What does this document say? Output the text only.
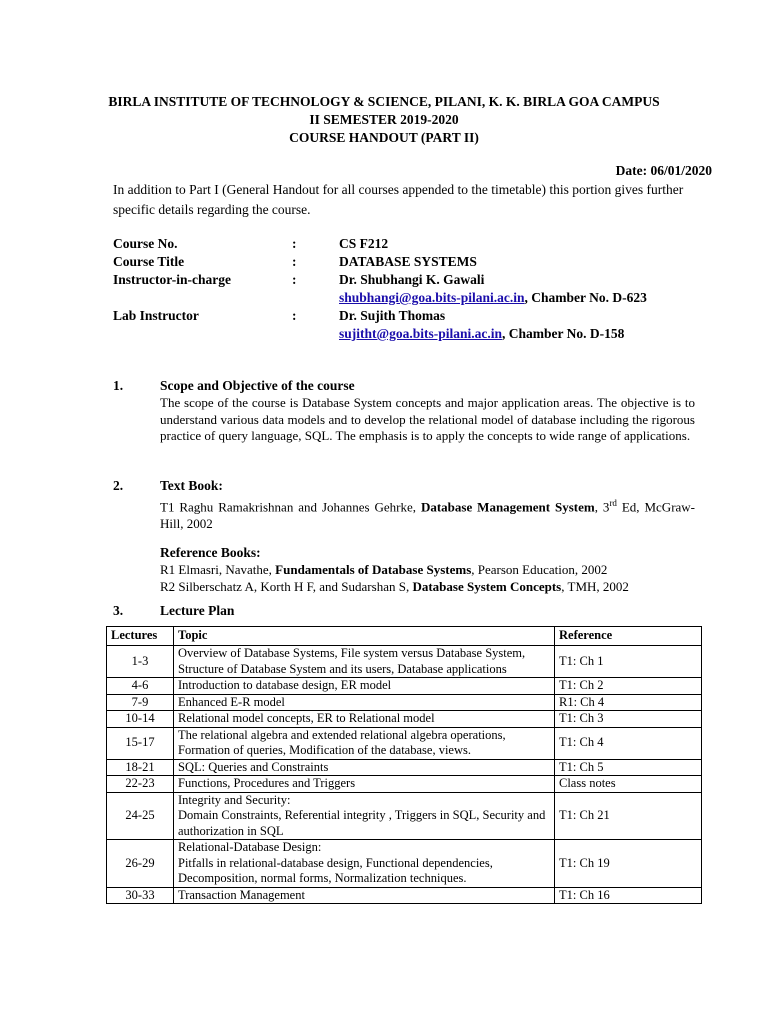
BIRLA INSTITUTE OF TECHNOLOGY & SCIENCE, PILANI, K. K. BIRLA GOA CAMPUS
II SEMESTER 2019-2020
COURSE HANDOUT (PART II)
Date: 06/01/2020
In addition to Part I (General Handout for all courses appended to the timetable) this portion gives further specific details regarding the course.
Course No.	:	CS F212
Course Title	:	DATABASE SYSTEMS
Instructor-in-charge	:	Dr. Shubhangi K. Gawali
shubhangi@goa.bits-pilani.ac.in, Chamber No. D-623
Lab Instructor	:	Dr. Sujith Thomas
sujitht@goa.bits-pilani.ac.in, Chamber No. D-158
1.	Scope and Objective of the course
The scope of the course is Database System concepts and major application areas. The objective is to understand various data models and to develop the relational model of database including the rigorous practice of query language, SQL. The emphasis is to apply the concepts to wide range of applications.
2.	Text Book:
T1 Raghu Ramakrishnan and Johannes Gehrke, Database Management System, 3rd Ed, McGraw-Hill, 2002
Reference Books:
R1 Elmasri, Navathe, Fundamentals of Database Systems, Pearson Education, 2002
R2 Silberschatz A, Korth H F, and Sudarshan S, Database System Concepts, TMH, 2002
3.	Lecture Plan
Lectures	Topic	Reference
1-3	Overview of Database Systems, File system versus Database System, Structure of Database System and its users, Database applications	T1: Ch 1
4-6	Introduction to database design, ER model	T1: Ch 2
7-9	Enhanced E-R model	R1: Ch 4
10-14	Relational model concepts, ER to Relational model	T1: Ch 3
15-17	The relational algebra and extended relational algebra operations, Formation of queries, Modification of the database, views.	T1: Ch 4
18-21	SQL: Queries and Constraints	T1: Ch 5
22-23	Functions, Procedures and Triggers	Class notes
24-25	Integrity and Security:
Domain Constraints, Referential integrity , Triggers in SQL, Security and authorization in SQL	T1: Ch 21
26-29	Relational-Database Design:
Pitfalls in relational-database design, Functional dependencies, Decomposition, normal forms, Normalization techniques.	T1: Ch 19
30-33	Transaction Management	T1: Ch 16
